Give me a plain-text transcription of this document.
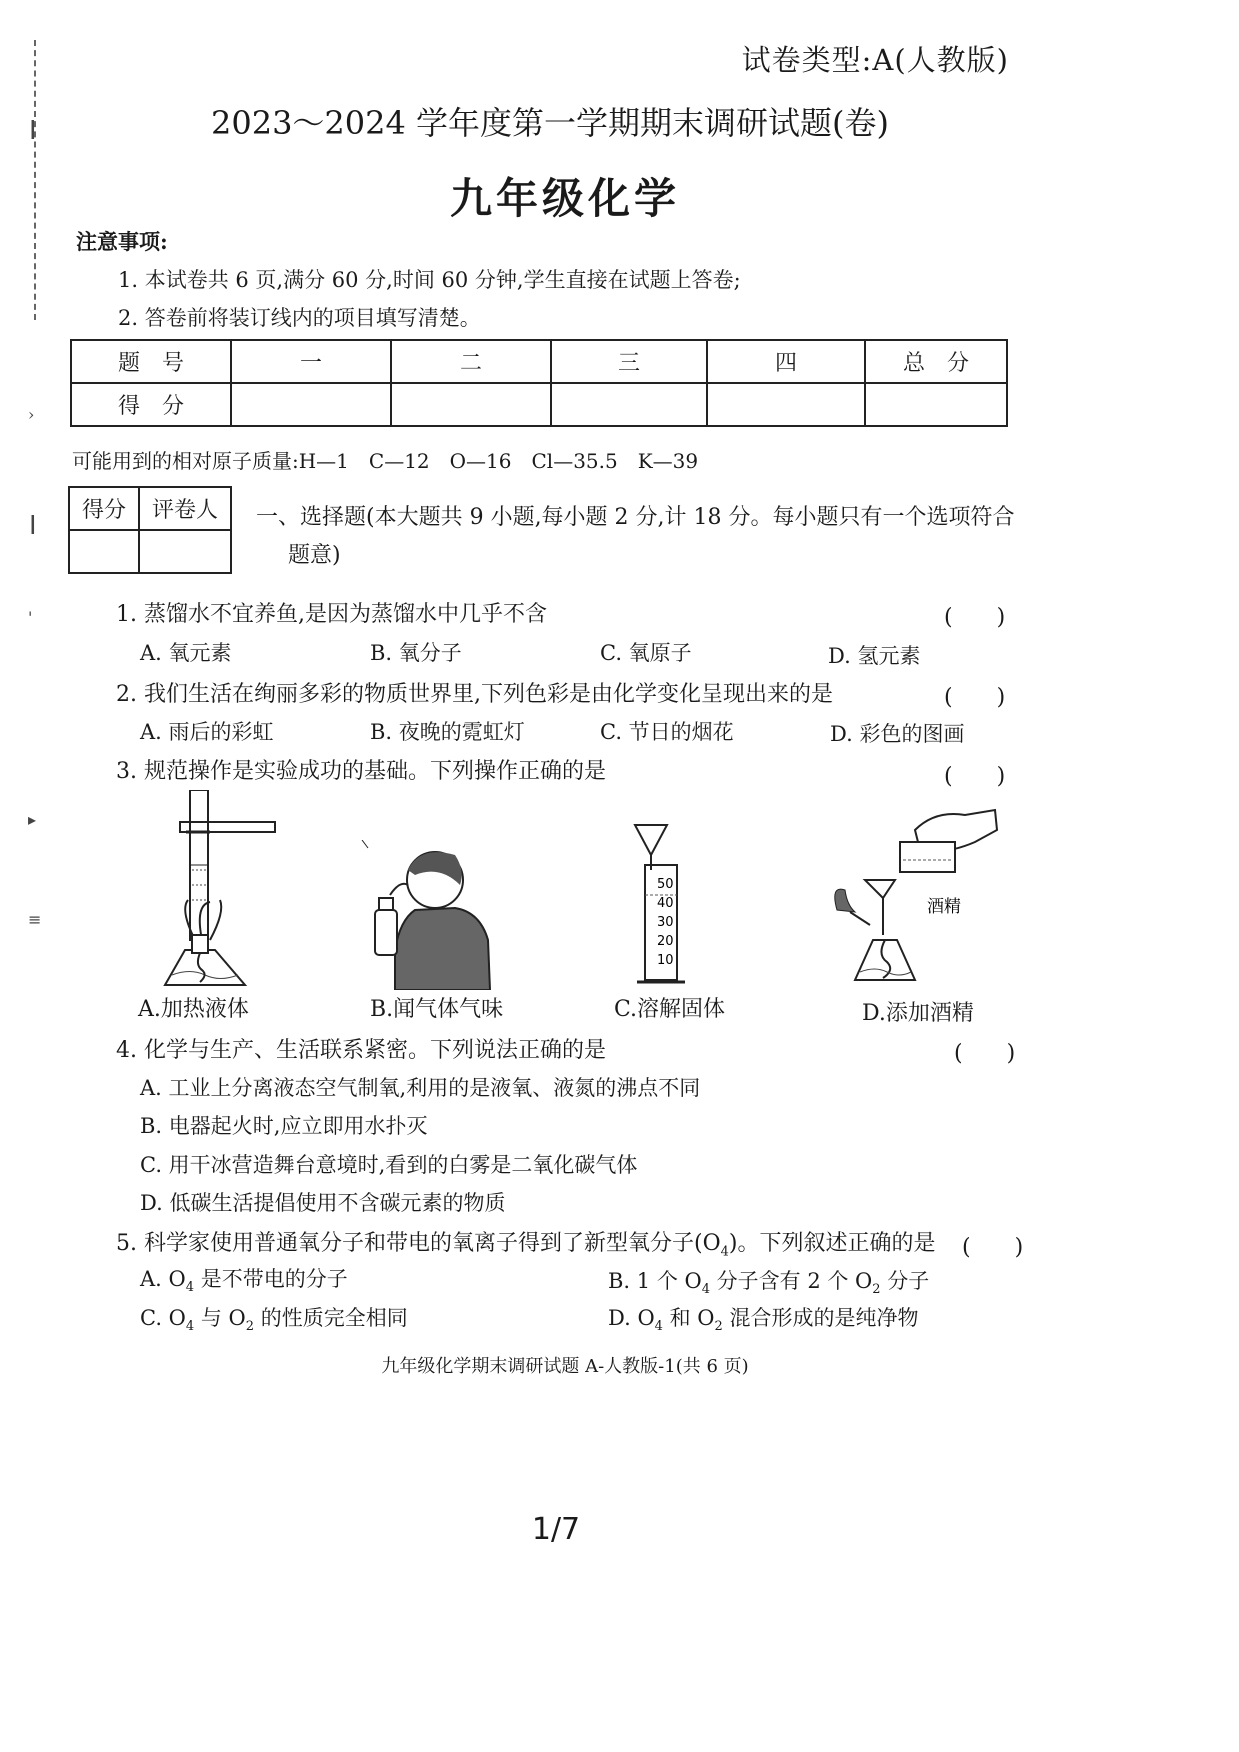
┃
›
┃
'
▸
≡
试卷类型:A(人教版)
2023～2024 学年度第一学期期末调研试题(卷)
九年级化学
注意事项:
1. 本试卷共 6 页,满分 60 分,时间 60 分钟,学生直接在试题上答卷;
2. 答卷前将装订线内的项目填写清楚。
题　号	一	二	三	四	总　分
得　分					
可能用到的相对原子质量:H—1　C—12　O—16　Cl—35.5　K—39
得分	评卷人
	一、选择题(本大题共 9 小题,每小题 2 分,计 18 分。每小题只有一个选项符合
题意)
1. 蒸馏水不宜养鱼,是因为蒸馏水中几乎不含	(　　)
A. 氧元素	B. 氧分子	C. 氧原子	D. 氢元素
2. 我们生活在绚丽多彩的物质世界里,下列色彩是由化学变化呈现出来的是	(　　)
A. 雨后的彩虹	B. 夜晚的霓虹灯	C. 节日的烟花	D. 彩色的图画
3. 规范操作是实验成功的基础。下列操作正确的是	(　　)
A.加热液体	B.闻气体气味
50
40
30
20
10
C.溶解固体
酒精
D.添加酒精
4. 化学与生产、生活联系紧密。下列说法正确的是	(　　)
A. 工业上分离液态空气制氧,利用的是液氧、液氮的沸点不同
B. 电器起火时,应立即用水扑灭
C. 用干冰营造舞台意境时,看到的白雾是二氧化碳气体
D. 低碳生活提倡使用不含碳元素的物质
5. 科学家使用普通氧分子和带电的氧离子得到了新型氧分子$(O_4)$。下列叙述正确的是 (　　)
A. $O_4$ 是不带电的分子	B. 1 个 $O_4$ 分子含有 2 个 $O_2$ 分子
C. $O_4$ 与 $O_2$ 的性质完全相同	D. $O_4$ 和 $O_2$ 混合形成的是纯净物
九年级化学期末调研试题 A-人教版-1(共 6 页)
1/7
